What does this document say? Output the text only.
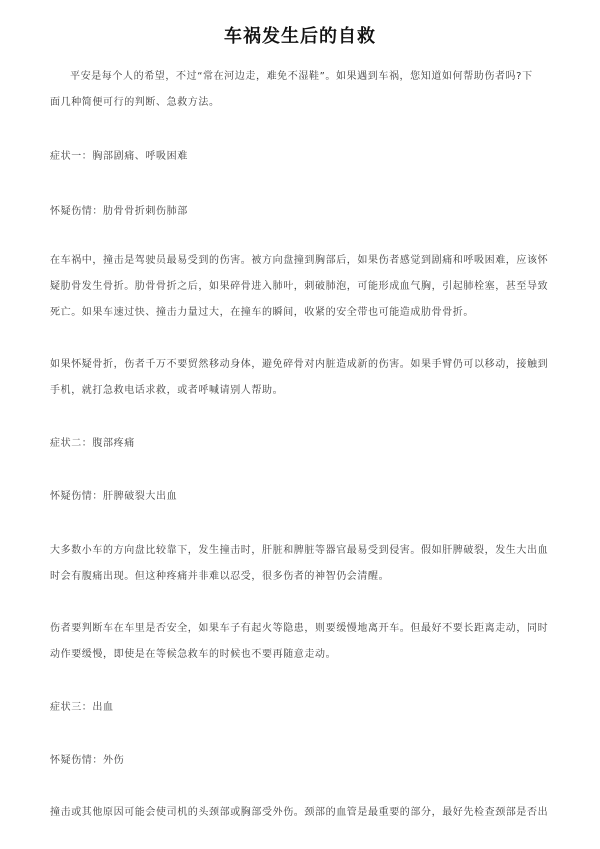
车祸发生后的自救

平安是每个人的希望，不过“常在河边走，难免不湿鞋”。如果遇到车祸，您知道如何帮助伤者吗?下
面几种简便可行的判断、急救方法。

症状一：胸部剧痛、呼吸困难

怀疑伤情：肋骨骨折刺伤肺部

在车祸中，撞击是驾驶员最易受到的伤害。被方向盘撞到胸部后，如果伤者感觉到剧痛和呼吸困难，应该怀
疑肋骨发生骨折。肋骨骨折之后，如果碎骨进入肺叶，刺破肺泡，可能形成血气胸，引起肺栓塞，甚至导致
死亡。如果车速过快、撞击力量过大，在撞车的瞬间，收紧的安全带也可能造成肋骨骨折。

如果怀疑骨折，伤者千万不要贸然移动身体，避免碎骨对内脏造成新的伤害。如果手臂仍可以移动，接触到
手机，就打急救电话求救，或者呼喊请别人帮助。

症状二：腹部疼痛

怀疑伤情：肝脾破裂大出血

大多数小车的方向盘比较靠下，发生撞击时，肝脏和脾脏等器官最易受到侵害。假如肝脾破裂，发生大出血
时会有腹痛出现。但这种疼痛并非难以忍受，很多伤者的神智仍会清醒。

伤者要判断车在车里是否安全，如果车子有起火等隐患，则要缓慢地离开车。但最好不要长距离走动，同时
动作要缓慢，即使是在等候急救车的时候也不要再随意走动。

症状三：出血

怀疑伤情：外伤

撞击或其他原因可能会使司机的头颈部或胸部受外伤。颈部的血管是最重要的部分，最好先检查颈部是否出
